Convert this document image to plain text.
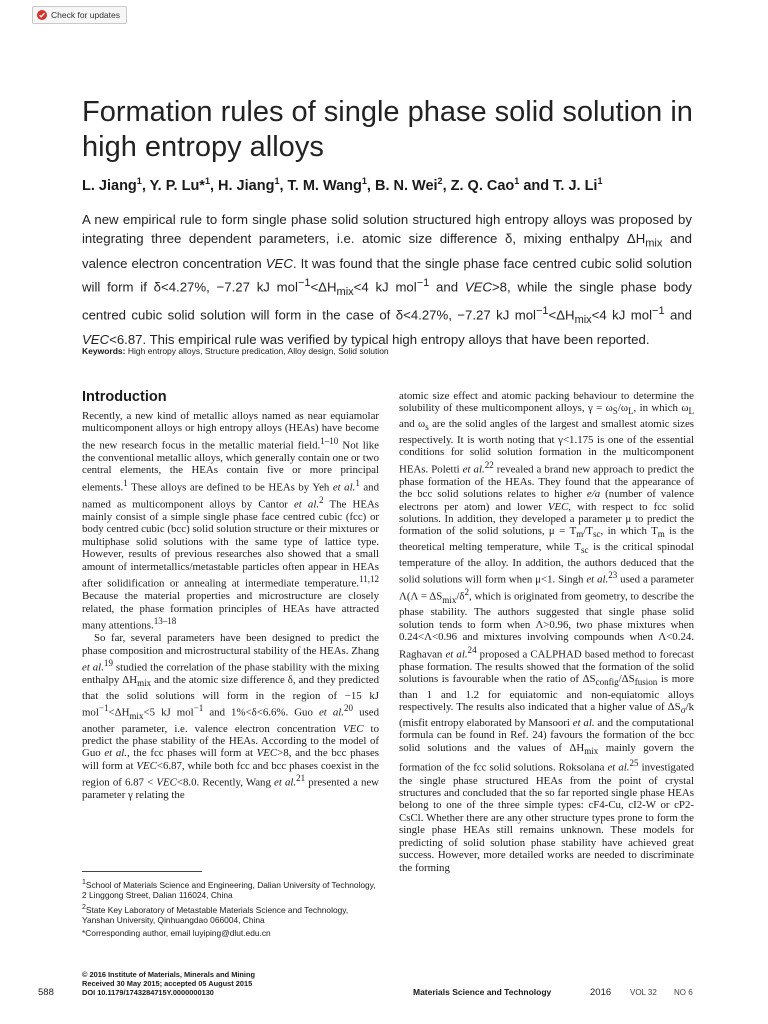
Check for updates
Formation rules of single phase solid solution in high entropy alloys
L. Jiang$^1$, Y. P. Lu*$^1$, H. Jiang$^1$, T. M. Wang$^1$, B. N. Wei$^2$, Z. Q. Cao$^1$ and T. J. Li$^1$
A new empirical rule to form single phase solid solution structured high entropy alloys was proposed by integrating three dependent parameters, i.e. atomic size difference δ, mixing enthalpy $\Delta H_{mix}$ and valence electron concentration VEC. It was found that the single phase face centred cubic solid solution will form if δ<4.27%, −7.27 kJ $mol^{-1}<\Delta H_{mix}<4$ kJ mol$^{-1}$ and VEC>8, while the single phase body centred cubic solid solution will form in the case of δ<4.27%, −7.27 kJ $mol^{-1}<\Delta H_{mix}<4$ kJ mol$^{-1}$ and VEC<6.87. This empirical rule was verified by typical high entropy alloys that have been reported.
Keywords: High entropy alloys, Structure predication, Alloy design, Solid solution
Introduction

Recently, a new kind of metallic alloys named as near equiamolar multicomponent alloys or high entropy alloys (HEAs) have become the new research focus in the metallic material field.$^{1-10}$ Not like the conventional metallic alloys, which generally contain one or two central elements, the HEAs contain five or more principal elements.$^1$ These alloys are defined to be HEAs by Yeh et al.$^1$ and named as multicomponent alloys by Cantor et al.$^2$ The HEAs mainly consist of a simple single phase face centred cubic (fcc) or body centred cubic (bcc) solid solution structure or their mixtures or multiphase solid solutions with the same type of lattice type. However, results of previous researches also showed that a small amount of intermetallics/metastable particles often appear in HEAs after solidification or annealing at intermediate temperature.$^{11,12}$ Because the material properties and microstructure are closely related, the phase formation principles of HEAs have attracted many attentions.$^{13-18}$

So far, several parameters have been designed to predict the phase composition and microstructural stability of the HEAs. Zhang et al.$^{19}$ studied the correlation of the phase stability with the mixing enthalpy $\Delta H_{mix}$ and the atomic size difference δ, and they predicted that the solid solutions will form in the region of −15 kJ $mol^{-1}<\Delta H_{mix}<5$ kJ mol$^{-1}$ and 1%<δ<6.6%. Guo et al.$^{20}$ used another parameter, i.e. valence electron concentration VEC to predict the phase stability of the HEAs. According to the model of Guo et al., the fcc phases will form at VEC>8, and the bcc phases will form at VEC<6.87, while both fcc and bcc phases coexist in the region of 6.87 < VEC<8.0. Recently, Wang et al.$^{21}$ presented a new parameter γ relating the

atomic size effect and atomic packing behaviour to determine the solubility of these multicomponent alloys, $\gamma = \omega_S/\omega_L$, in which $\omega_L$ and $\omega_s$ are the solid angles of the largest and smallest atomic sizes respectively. It is worth noting that γ<1.175 is one of the essential conditions for solid solution formation in the multicomponent HEAs. Poletti et al.$^{22}$ revealed a brand new approach to predict the phase formation of the HEAs. They found that the appearance of the bcc solid solutions relates to higher e/a (number of valence electrons per atom) and lower VEC, with respect to fcc solid solutions. In addition, they developed a parameter μ to predict the formation of the solid solutions, $\mu = T_m/T_{sc}$, in which $T_m$ is the theoretical melting temperature, while $T_{sc}$ is the critical spinodal temperature of the alloy. In addition, the authors deduced that the solid solutions will form when μ<1. Singh et al.$^{23}$ used a parameter $\Lambda(\Lambda = \Delta S_{mix}/\delta^2$, which is originated from geometry, to describe the phase stability. The authors suggested that single phase solid solution tends to form when Λ>0.96, two phase mixtures when 0.24<Λ<0.96 and mixtures involving compounds when Λ<0.24. Raghavan et al.$^{24}$ proposed a CALPHAD based method to forecast phase formation. The results showed that the formation of the solid solutions is favourable when the ratio of $\Delta S_{config}/\Delta S_{fusion}$ is more than 1 and 1.2 for equiatomic and non-equiatomic alloys respectively. The results also indicated that a higher value of $\Delta S_\sigma/k$ (misfit entropy elaborated by Mansoori et al. and the computational formula can be found in Ref. 24) favours the formation of the bcc solid solutions and the values of $\Delta H_{mix}$ mainly govern the formation of the fcc solid solutions. Roksolana et al.$^{25}$ investigated the single phase structured HEAs from the point of crystal structures and concluded that the so far reported single phase HEAs belong to one of the three simple types: cF4-Cu, cI2-W or cP2-CsCl. Whether there are any other structure types prone to form the single phase HEAs still remains unknown. These models for predicting of solid solution phase stability have achieved great success. However, more detailed works are needed to discriminate the forming

$^1$School of Materials Science and Engineering, Dalian University of Technology, 2 Linggong Street, Dalian 116024, China
$^2$State Key Laboratory of Metastable Materials Science and Technology, Yanshan University, Qinhuangdao 066004, China
*Corresponding author, email luyiping@dlut.edu.cn
© 2016 Institute of Materials, Minerals and Mining
Received 30 May 2015; accepted 05 August 2015
DOI 10.1179/1743284715Y.0000000130
588	Materials Science and Technology	2016 VOL 32 NO 6
